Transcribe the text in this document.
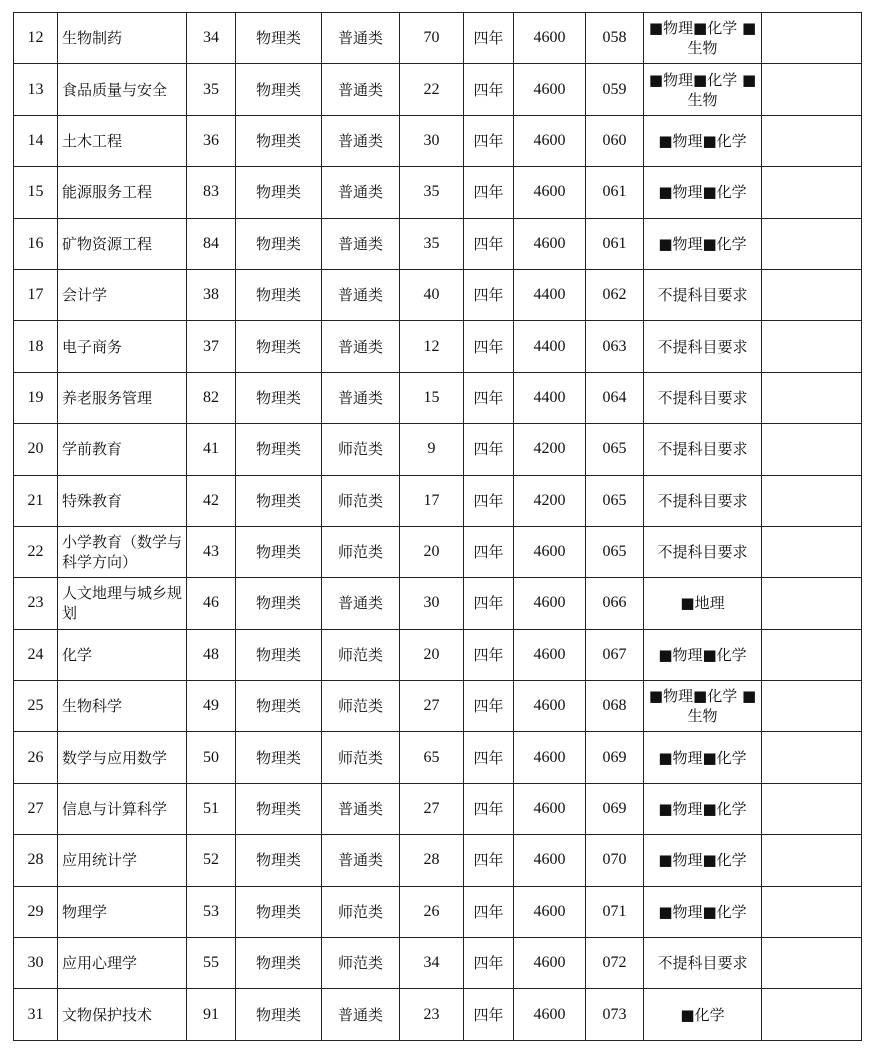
12	生物制药	34	物理类	普通类	70	四年	4600	058	■物理■化学 ■生物	
13	食品质量与安全	35	物理类	普通类	22	四年	4600	059	■物理■化学 ■生物	
14	土木工程	36	物理类	普通类	30	四年	4600	060	■物理■化学	
15	能源服务工程	83	物理类	普通类	35	四年	4600	061	■物理■化学	
16	矿物资源工程	84	物理类	普通类	35	四年	4600	061	■物理■化学	
17	会计学	38	物理类	普通类	40	四年	4400	062	不提科目要求	
18	电子商务	37	物理类	普通类	12	四年	4400	063	不提科目要求	
19	养老服务管理	82	物理类	普通类	15	四年	4400	064	不提科目要求	
20	学前教育	41	物理类	师范类	9	四年	4200	065	不提科目要求	
21	特殊教育	42	物理类	师范类	17	四年	4200	065	不提科目要求	
22	小学教育（数学与科学方向）	43	物理类	师范类	20	四年	4600	065	不提科目要求	
23	人文地理与城乡规划	46	物理类	普通类	30	四年	4600	066	■地理	
24	化学	48	物理类	师范类	20	四年	4600	067	■物理■化学	
25	生物科学	49	物理类	师范类	27	四年	4600	068	■物理■化学 ■生物	
26	数学与应用数学	50	物理类	师范类	65	四年	4600	069	■物理■化学	
27	信息与计算科学	51	物理类	普通类	27	四年	4600	069	■物理■化学	
28	应用统计学	52	物理类	普通类	28	四年	4600	070	■物理■化学	
29	物理学	53	物理类	师范类	26	四年	4600	071	■物理■化学	
30	应用心理学	55	物理类	师范类	34	四年	4600	072	不提科目要求	
31	文物保护技术	91	物理类	普通类	23	四年	4600	073	■化学	
